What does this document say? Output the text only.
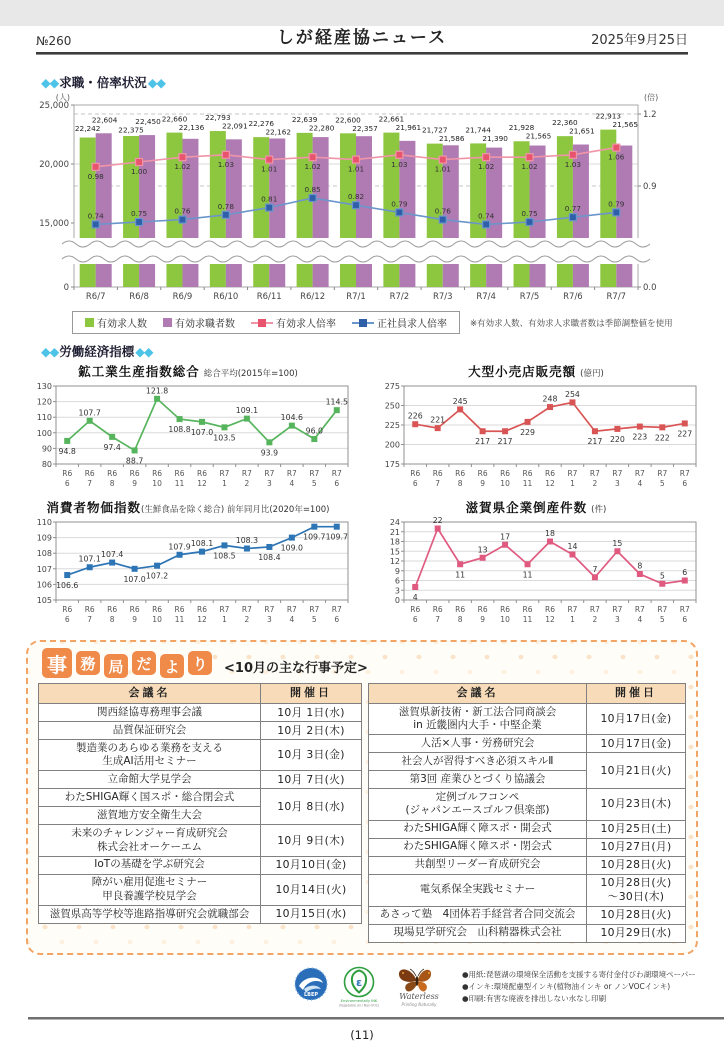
№260	しが経産協ニュース	2025年9月25日
◆◆求職・倍率状況◆◆
(人)	(倍)
25,000
20,000
15,000
0
1.2
0.9
0.0
R6/7	R6/8	R6/9 R6/10 R6/11 R6/12 R7/1	R7/2	R7/3	R7/4	R7/5	R7/6	R7/7
22,604
22,242
22,450
22,375
22,660
22,136
22,793
22,091 22,276
22,162
22,639
22,280
22,600
22,357
22,661
21,961 21,727
21,586
21,744
21,390
21,928
21,565
22,360
21,651
22,913
21,565
0.98
1.00
1.02	1.03
1.01	1.02	1.01
1.03
1.01	1.02	1.02	1.03
1.06
0.74	0.75	0.76
0.78
0.81
0.85
0.82
0.79
0.76
0.74	0.75
0.77
0.79
有効求人数	有効求職者数	有効求人倍率	正社員求人倍率	※有効求人数、有効求人求職者数は季節調整値を使用
◆◆労働経済指標◆◆
鉱工業生産指数総合 総合平均(2015年=100)
80
90
100
110
120
130
94.8
R6
6
107.7
R6
7
97.4
R6
8
88.7
R6
9
121.8
R6
10
108.8
R6
11
107.0
R6
12
103.5
R7
1
109.1
R7
2
93.9
R7
3
104.6
R7
4
96.0
R7
5
114.5
R7
6
大型小売店販売額 (億円)
175
200
225
250
275
226
R6
6
221
R6
7
245
R6
8
217
R6
9
217
R6
10
229
R6
11
248
R6
12
254
R7
1
217
R7
2
220
R7
3
223
R7
4
222
R7
5
227
R7
6
消費者物価指数(生鮮食品を除く総合) 前年同月比(2020年=100)
105
106
107
108
109
110
106.6
R6
6
107.1
R6
7
107.4
R6
8
107.0
R6
9
107.2
R6
10
107.9
R6
11
108.1
R6
12
108.5
R7
1
108.3
R7
2
108.4
R7
3
109.0
R7
4
109.7
R7
5
109.7
R7
6
滋賀県企業倒産件数 (件)
0
3
6
9
12
15
18
21
24
4
R6
6
22
R6
7
11
R6
8
13
R6
9
17
R6
10
11
R6
11
18
R6
12
14
R7
1
7
R7
2
15
R7
3
8
R7
4
5
R7
5
6
R7
6
事 務 局 だ よ り	<10月の主な行事予定>
会議名	開催日
関西経協専務理事会議	10月 1日(水)
品質保証研究会	10月 2日(木)
製造業のあらゆる業務を支える
生成AI活用セミナー	10月 3日(金)
立命館大学見学会	10月 7日(火)
わたSHIGA輝く国スポ・総合閉会式	10月 8日(水)
滋賀地方安全衛生大会	
未来のチャレンジャー育成研究会
株式会社オーケーエム	10月 9日(木)
IoTの基礎を学ぶ研究会	10月10日(金)
障がい雇用促進セミナー
甲良養護学校見学会	10月14日(火)
滋賀県高等学校等進路指導研究会就職部会	10月15日(水)
会議名	開催日
滋賀県新技術・新工法合同商談会
in 近畿圏内大手・中堅企業	10月17日(金)
人活×人事・労務研究会	10月17日(金)
社会人が習得すべき必須スキルⅡ	10月21日(火)
第3回 産業ひとづくり協議会	
定例ゴルフコンペ
(ジャパンエースゴルフ倶楽部)	10月23日(木)
わたSHIGA輝く障スポ・開会式	10月25日(土)
わたSHIGA輝く障スポ・閉会式	10月27日(月)
共創型リーダー育成研究会	10月28日(火)
電気系保全実践セミナー	10月28日(火)
～30日(木)
あさって塾　4団体若手経営者合同交流会	10月28日(火)
現場見学研究会　山科精器株式会社	10月29日(水)
LBEP
ε
Environmentally INK
(Vegetable oil / Non-VOC)
Waterless
Printing Naturally
●用紙:琵琶湖の環境保全活動を支援する寄付金付びわ湖環境ペーパー
●インキ:環境配慮型インキ(植物油インキ or ノンVOCインキ)
●印刷:有害な廃液を排出しない水なし印刷
(11)
